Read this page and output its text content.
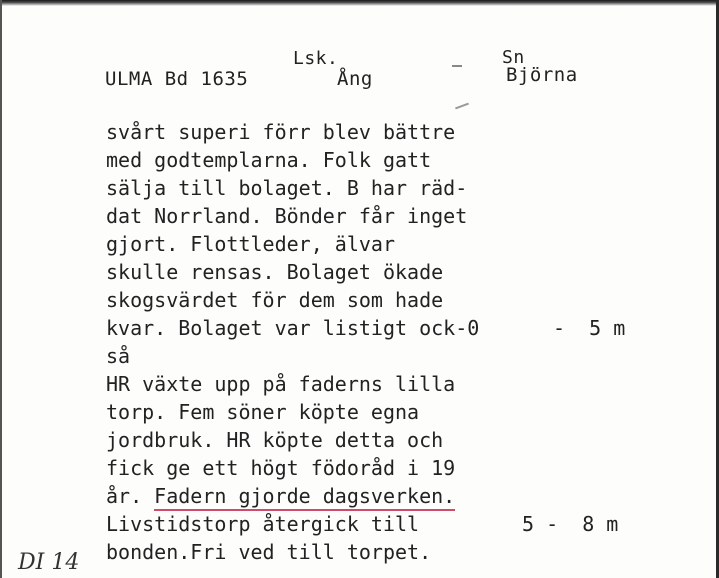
ULMA Bd 1635
Lsk.
Ång
Sn
Björna
svårt superi förr blev bättre
med godtemplarna. Folk gatt
sälja till bolaget. B har räd-
dat Norrland. Bönder får inget
gjort. Flottleder, älvar
skulle rensas. Bolaget ökade
skogsvärdet för dem som hade
kvar. Bolaget var listigt ock-0	-  5 m
så
HR växte upp på faderns lilla
torp. Fem söner köpte egna
jordbruk. HR köpte detta och
fick ge ett högt födoråd i 19
år. Fadern gjorde dagsverken.
Livstidstorp återgick till	5 -  8 m
bonden.Fri ved till torpet.
DI 14
